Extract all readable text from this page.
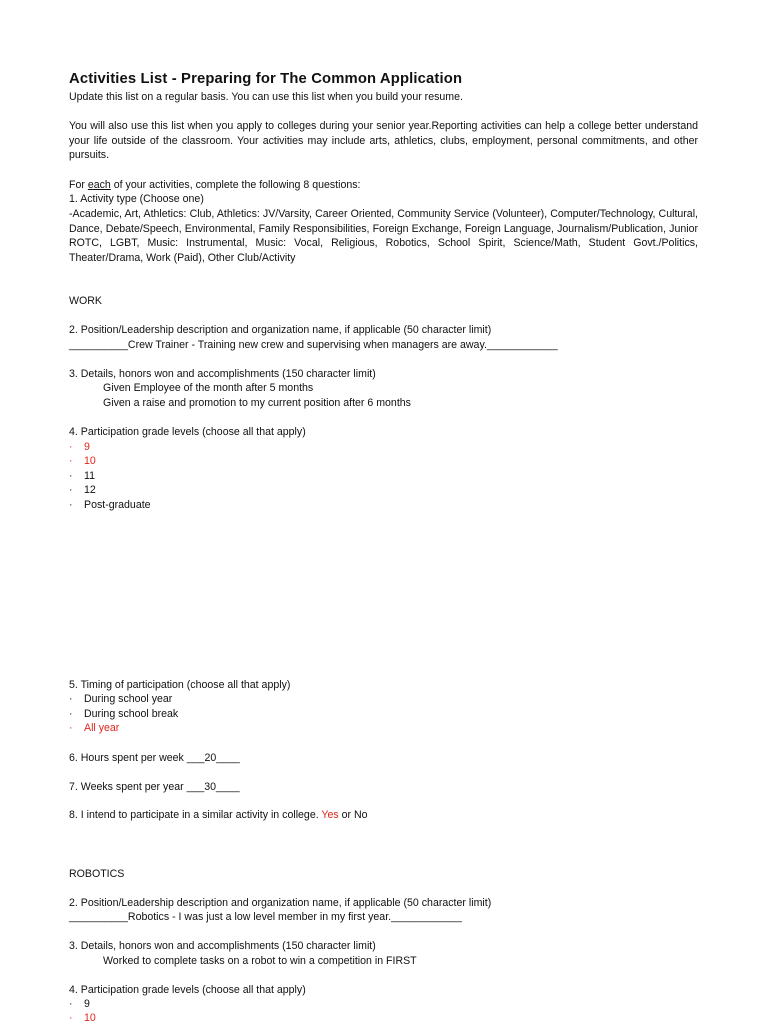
Activities List - Preparing for The Common Application

Update this list on a regular basis. You can use this list when you build your resume.

You will also use this list when you apply to colleges during your senior year.Reporting activities can help a college better understand your life outside of the classroom. Your activities may include arts, athletics, clubs, employment, personal commitments, and other pursuits.

For each of your activities, complete the following 8 questions:

1. Activity type (Choose one)

-Academic, Art, Athletics: Club, Athletics: JV/Varsity, Career Oriented, Community Service (Volunteer), Computer/Technology, Cultural, Dance, Debate/Speech, Environmental, Family Responsibilities, Foreign Exchange, Foreign Language, Journalism/Publication, Junior ROTC, LGBT, Music: Instrumental, Music: Vocal, Religious, Robotics, School Spirit, Science/Math, Student Govt./Politics, Theater/Drama, Work (Paid), Other Club/Activity

WORK

2. Position/Leadership description and organization name, if applicable (50 character limit)

__________Crew Trainer - Training new crew and supervising when managers are away.____________

3. Details, honors won and accomplishments (150 character limit)

Given Employee of the month after 5 months

Given a raise and promotion to my current position after 6 months

4. Participation grade levels (choose all that apply)

· 9

· 10

· 11

· 12

· Post-graduate

5. Timing of participation (choose all that apply)

· During school year

· During school break

· All year

6. Hours spent per week ___20____

7. Weeks spent per year ___30____

8. I intend to participate in a similar activity in college. Yes or No

ROBOTICS

2. Position/Leadership description and organization name, if applicable (50 character limit)

__________Robotics - I was just a low level member in my first year.____________

3. Details, honors won and accomplishments (150 character limit)

Worked to complete tasks on a robot to win a competition in FIRST

4. Participation grade levels (choose all that apply)

· 9

· 10
